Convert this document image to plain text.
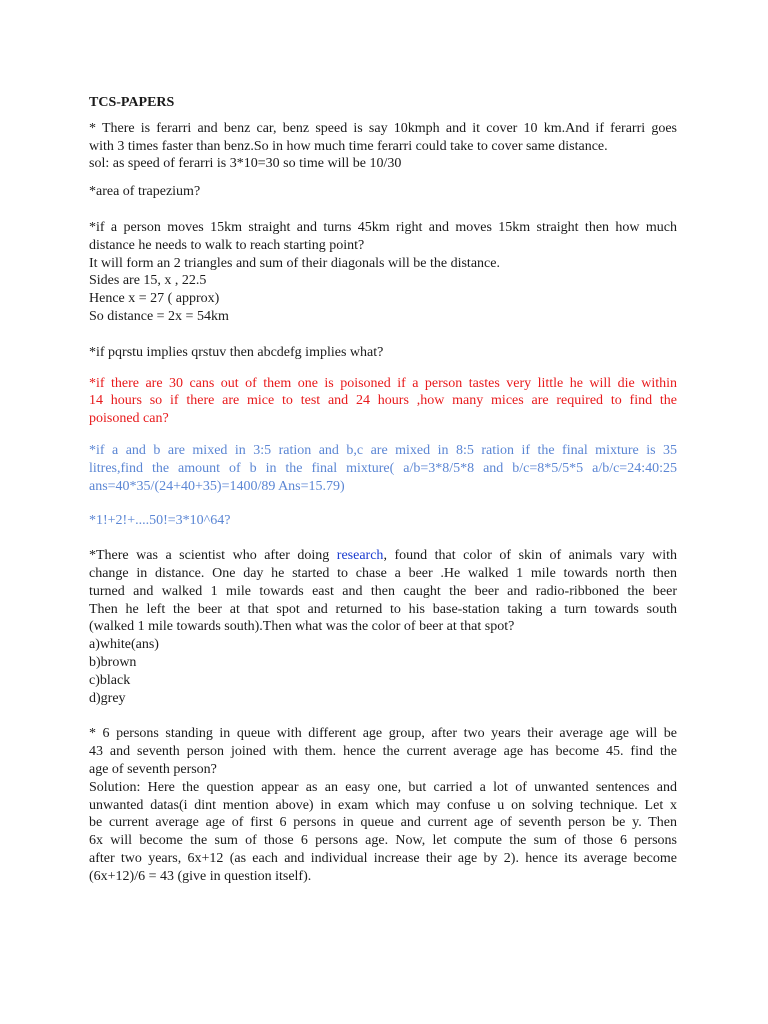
TCS-PAPERS
* There is ferarri and benz car, benz speed is say 10kmph and it cover 10 km.And if ferarri goes
with 3 times faster than benz.So in how much time ferarri could take to cover same distance.
sol: as speed of ferarri is 3*10=30 so time will be 10/30
*area of trapezium?
*if a person moves 15km straight and turns 45km right and moves 15km straight then how much
distance he needs to walk to reach starting point?
It will form an 2 triangles and sum of their diagonals will be the distance.
Sides are 15, x , 22.5
Hence x = 27 ( approx)
So distance = 2x = 54km
*if pqrstu implies qrstuv then abcdefg implies what?
*if there are 30 cans out of them one is poisoned if a person tastes very little he will die within
14 hours so if there are mice to test and 24 hours ,how many mices are required to find the
poisoned can?
*if a and b are mixed in 3:5 ration and b,c are mixed in 8:5 ration if the final mixture is 35
litres,find the amount of b in the final mixture( a/b=3*8/5*8 and b/c=8*5/5*5 a/b/c=24:40:25
ans=40*35/(24+40+35)=1400/89 Ans=15.79)
*1!+2!+....50!=3*10^64?
*There was a scientist who after doing research, found that color of skin of animals vary with
change in distance. One day he started to chase a beer .He walked 1 mile towards north then
turned and walked 1 mile towards east and then caught the beer and radio-ribboned the beer
Then he left the beer at that spot and returned to his base-station taking a turn towards south
(walked 1 mile towards south).Then what was the color of beer at that spot?
a)white(ans)
b)brown
c)black
d)grey
* 6 persons standing in queue with different age group, after two years their average age will be
43 and seventh person joined with them. hence the current average age has become 45. find the
age of seventh person?
Solution: Here the question appear as an easy one, but carried a lot of unwanted sentences and
unwanted datas(i dint mention above) in exam which may confuse u on solving technique. Let x
be current average age of first 6 persons in queue and current age of seventh person be y. Then
6x will become the sum of those 6 persons age. Now, let compute the sum of those 6 persons
after two years, 6x+12 (as each and individual increase their age by 2). hence its average become
(6x+12)/6 = 43 (give in question itself).
